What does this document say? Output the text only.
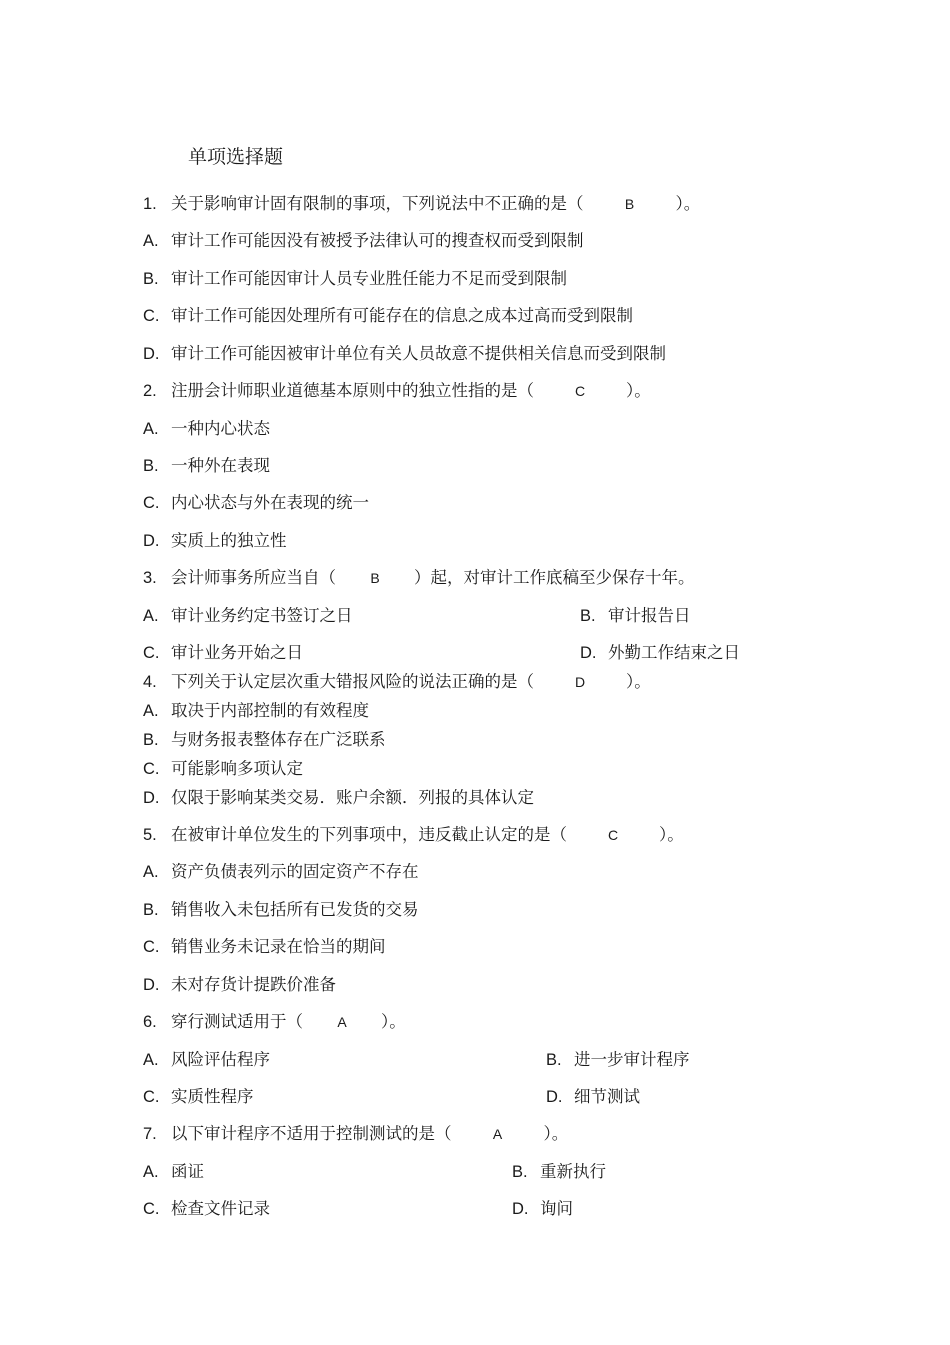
单项选择题
1. 关于影响审计固有限制的事项，下列说法中不正确的是（	B	）。
A. 审计工作可能因没有被授予法律认可的搜查权而受到限制
B. 审计工作可能因审计人员专业胜任能力不足而受到限制
C. 审计工作可能因处理所有可能存在的信息之成本过高而受到限制
D. 审计工作可能因被审计单位有关人员故意不提供相关信息而受到限制
2. 注册会计师职业道德基本原则中的独立性指的是（	C ）。
A. 一种内心状态
B. 一种外在表现
C. 内心状态与外在表现的统一
D. 实质上的独立性
3. 会计师事务所应当自（ B ）起，对审计工作底稿至少保存十年。
A. 审计业务约定书签订之日	B. 审计报告日
C. 审计业务开始之日	D. 外勤工作结束之日
4. 下列关于认定层次重大错报风险的说法正确的是（	D ）。
A. 取决于内部控制的有效程度
B. 与财务报表整体存在广泛联系
C. 可能影响多项认定
D. 仅限于影响某类交易．账户余额．列报的具体认定
5. 在被审计单位发生的下列事项中，违反截止认定的是（	C ）。
A. 资产负债表列示的固定资产不存在
B. 销售收入未包括所有已发货的交易
C. 销售业务未记录在恰当的期间
D. 未对存货计提跌价准备
6. 穿行测试适用于（ A ）。
A. 风险评估程序	B. 进一步审计程序
C. 实质性程序	D. 细节测试
7. 以下审计程序不适用于控制测试的是（	A	）。
A. 函证	B. 重新执行
C. 检查文件记录	D. 询问
